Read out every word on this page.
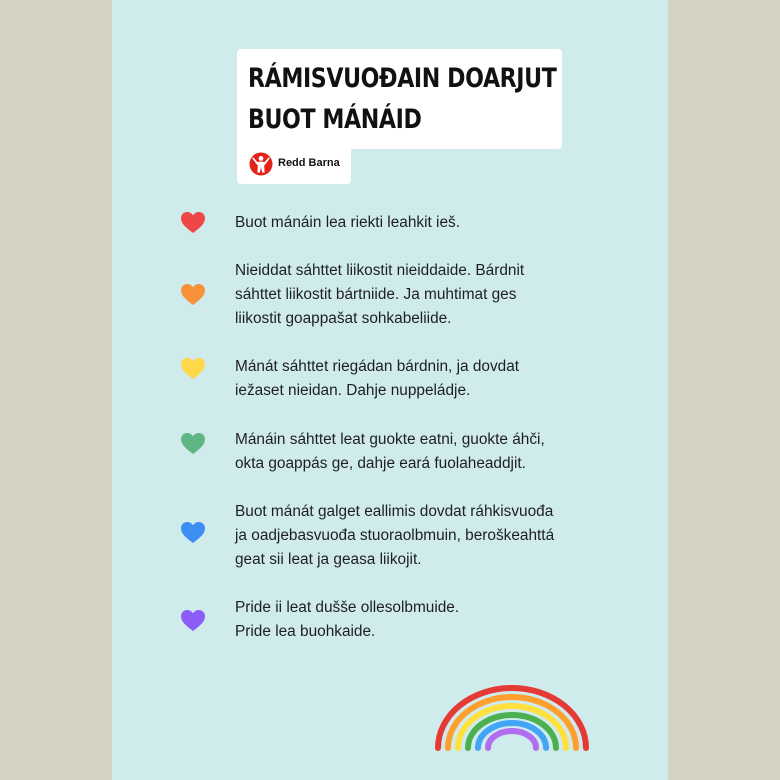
RÁMISVUOĐAIN DOARJUT
BUOT MÁNÁID
Redd Barna
Buot mánáin lea riekti leahkit ieš.
Nieiddat sáhttet liikostit nieiddaide. Bárdnit
sáhttet liikostit bártniide. Ja muhtimat ges
liikostit goappašat sohkabeliide.
Mánát sáhttet riegádan bárdnin, ja dovdat
iežaset nieidan. Dahje nuppeládje.
Mánáin sáhttet leat guokte eatni, guokte áhči,
okta goappás ge, dahje eará fuolaheaddjit.
Buot mánát galget eallimis dovdat ráhkisvuođa
ja oadjebasvuođa stuoraolbmuin, beroškeahttá
geat sii leat ja geasa liikojit.
Pride ii leat dušše ollesolbmuide.
Pride lea buohkaide.
